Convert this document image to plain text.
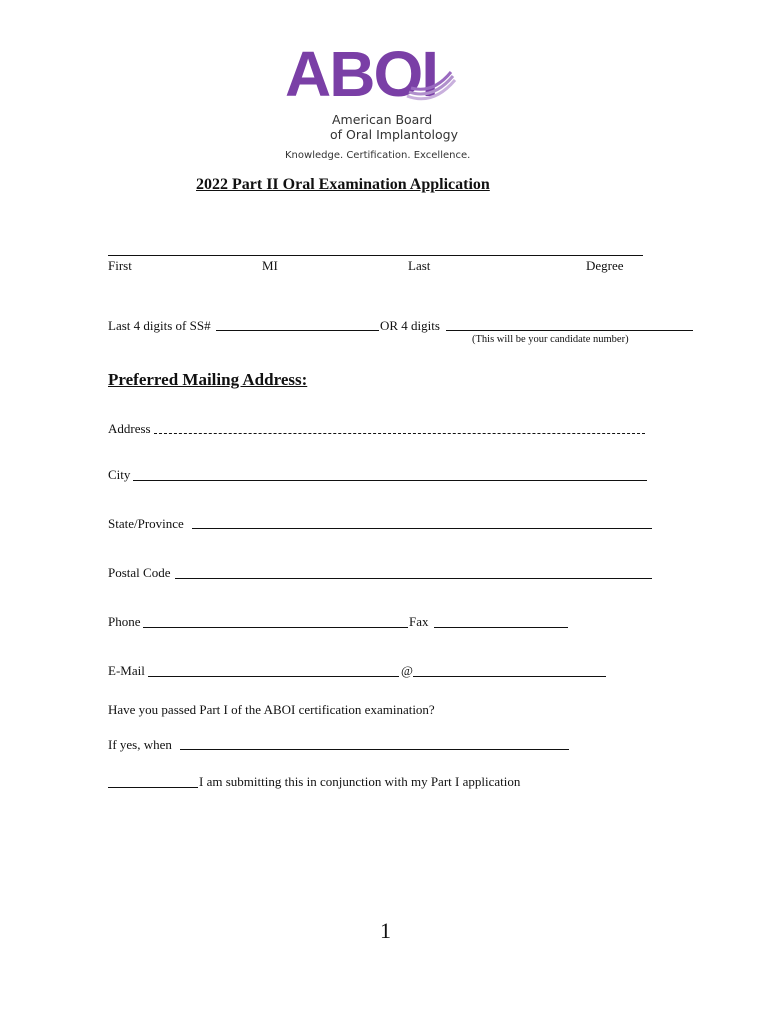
ABOI
American Board
of Oral Implantology
Knowledge. Certification. Excellence.
2022 Part II Oral Examination Application
First	MI	Last	Degree
Last 4 digits of SS#	OR 4 digits
(This will be your candidate number)
Preferred Mailing Address:
Address
City
State/Province
Postal Code
Phone	Fax
E-Mail	@
Have you passed Part I of the ABOI certification examination?
If yes, when
I am submitting this in conjunction with my Part I application
1
